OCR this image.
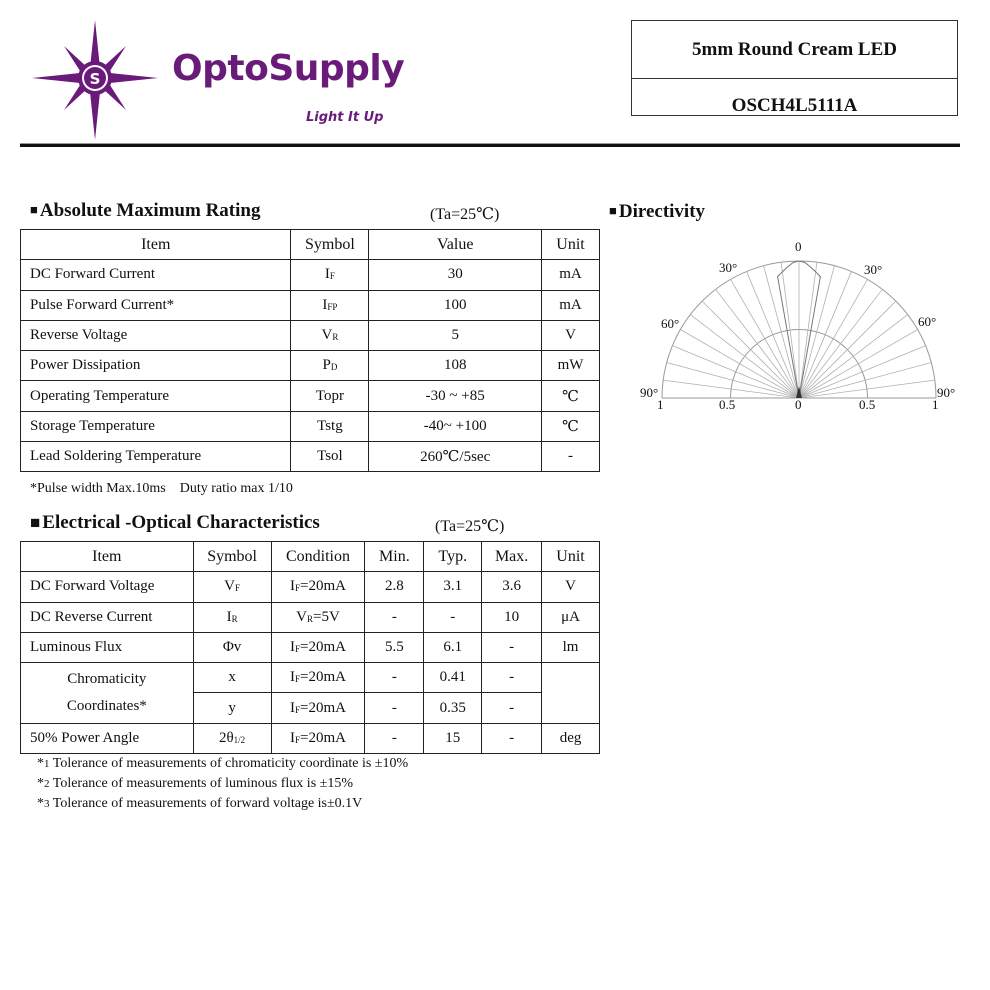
S OptoSupply
Light It Up
5mm Round Cream LED
OSCH4L5111A
■ Absolute Maximum Rating	(Ta=25℃)
Item	Symbol	Value	Unit
DC Forward Current	$I_F$	30	mA
Pulse Forward Current*	$I_{FP}$	100	mA
Reverse Voltage	$V_R$	5	V
Power Dissipation	$P_D$	108	mW
Operating Temperature	Topr	-30 ~ +85	℃
Storage Temperature	Tstg	-40~ +100	℃
Lead Soldering Temperature	Tsol	260℃/5sec	-
*Pulse width Max.10ms    Duty ratio max 1/10
■ Electrical -Optical Characteristics	(Ta=25℃)
Item	Symbol	Condition	Min.	Typ.	Max.	Unit
DC Forward Voltage	$V_F$	$I_F=20mA$	2.8	3.1	3.6	V
DC Reverse Current	$I_R$	$V_R=5V$	-	-	10	μA
Luminous Flux	Φv	$I_F=20mA$	5.5	6.1	-	lm

Chromaticity
Coordinates*	x	$I_F=20mA$	-	0.41	-	
	y	$I_F=20mA$	-	0.35	-	
50% Power Angle	$2\theta_{1/2}$	$I_F=20mA$	-	15	-	deg
*1 Tolerance of measurements of chromaticity coordinate is ±10%
*2 Tolerance of measurements of luminous flux is ±15%
*3 Tolerance of measurements of forward voltage is±0.1V
■ Directivity
0
30°	30°
60°	60°
90°	90°
1	0.5	0	0.5	1
